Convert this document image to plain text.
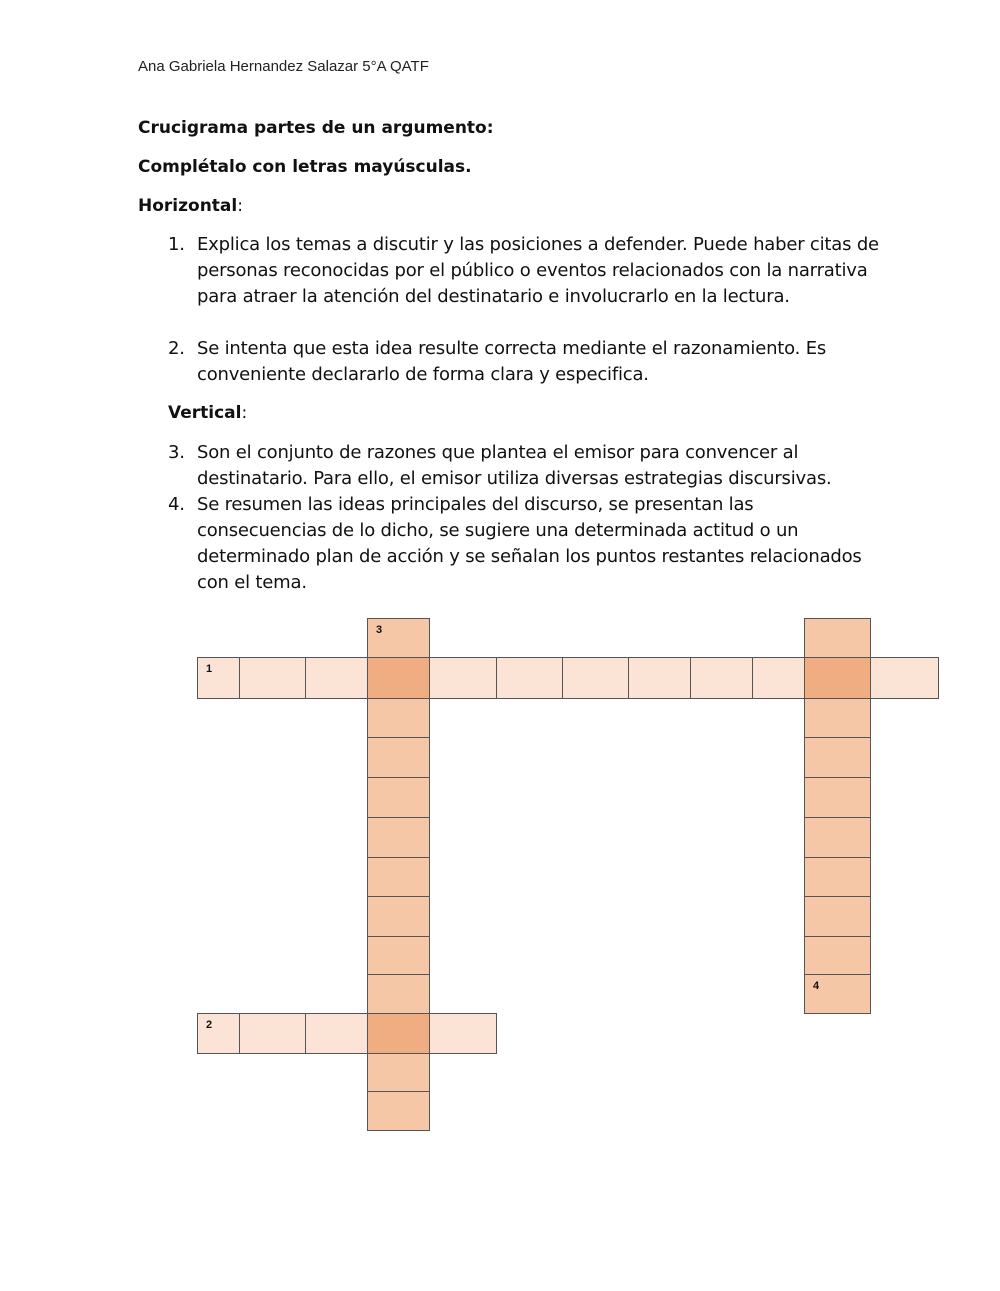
Ana Gabriela Hernandez Salazar 5°A QATF
Crucigrama partes de un argumento:
Complétalo con letras mayúsculas.
Horizontal:
1. Explica los temas a discutir y las posiciones a defender. Puede haber citas de personas reconocidas por el público o eventos relacionados con la narrativa para atraer la atención del destinatario e involucrarlo en la lectura.
2. Se intenta que esta idea resulte correcta mediante el razonamiento. Es conveniente declararlo de forma clara y especifica.
Vertical:
3. Son el conjunto de razones que plantea el emisor para convencer al destinatario. Para ello, el emisor utiliza diversas estrategias discursivas.
4. Se resumen las ideas principales del discurso, se presentan las consecuencias de lo dicho, se sugiere una determinada actitud o un determinado plan de acción y se señalan los puntos restantes relacionados con el tema.
1
2
3
4
